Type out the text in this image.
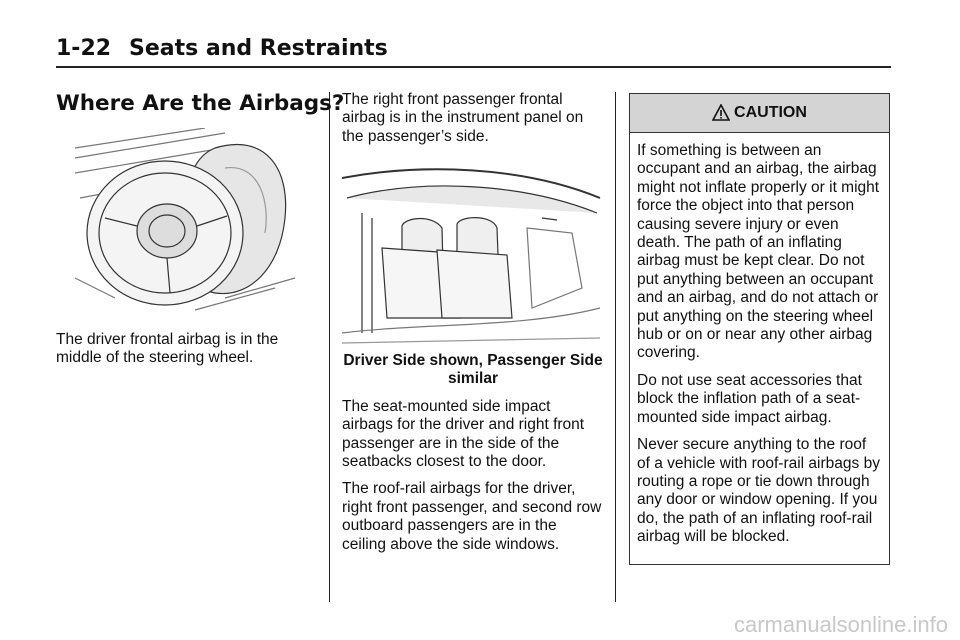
1-22 Seats and Restraints
Where Are the Airbags?

The driver frontal airbag is in the middle of the steering wheel.

The right front passenger frontal airbag is in the instrument panel on the passenger’s side.

Driver Side shown, Passenger Side similar

The seat-mounted side impact airbags for the driver and right front passenger are in the side of the seatbacks closest to the door.

The roof-rail airbags for the driver, right front passenger, and second row outboard passengers are in the ceiling above the side windows.

CAUTION

If something is between an occupant and an airbag, the airbag might not inflate properly or it might force the object into that person causing severe injury or even death. The path of an inflating airbag must be kept clear. Do not put anything between an occupant and an airbag, and do not attach or put anything on the steering wheel hub or on or near any other airbag covering.

Do not use seat accessories that block the inflation path of a seat-mounted side impact airbag.

Never secure anything to the roof of a vehicle with roof-rail airbags by routing a rope or tie down through any door or window opening. If you do, the path of an inflating roof-rail airbag will be blocked.

carmanualsonline.info
